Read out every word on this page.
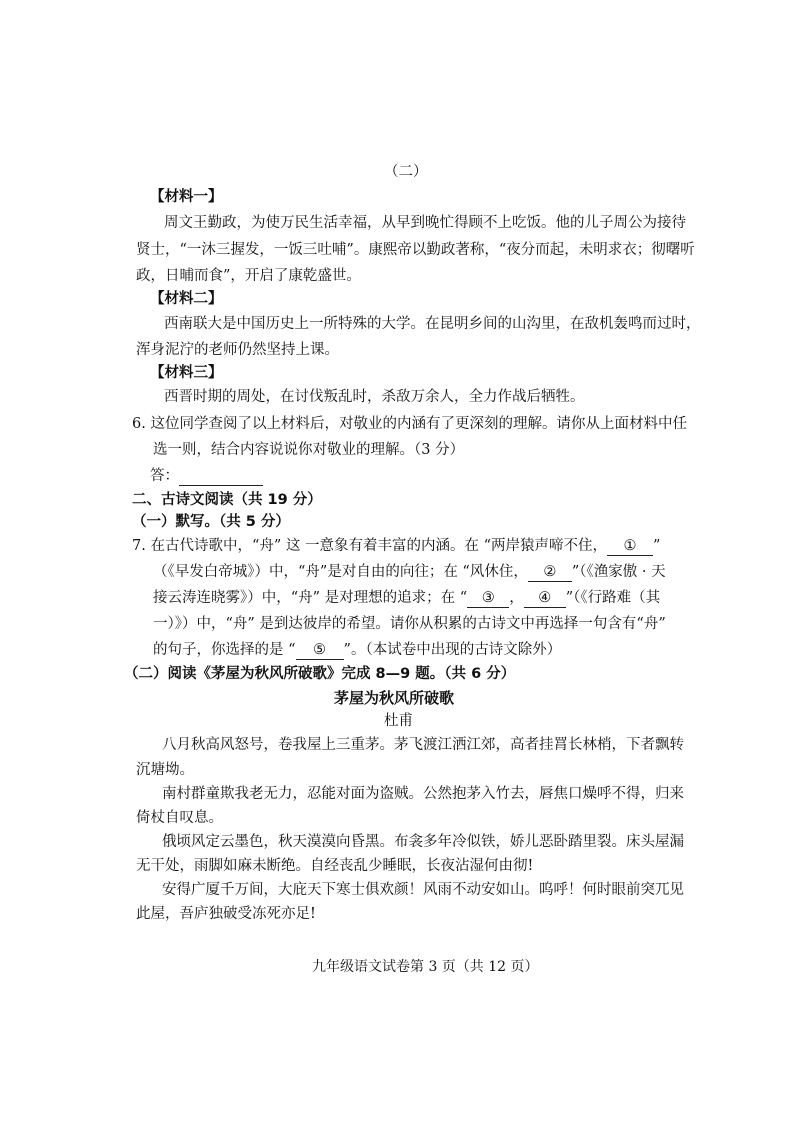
（二）
【材料一】
周文王勤政，为使万民生活幸福，从早到晚忙得顾不上吃饭。他的儿子周公为接待
贤士，“一沐三握发，一饭三吐哺”。康熙帝以勤政著称，“夜分而起，未明求衣；彻曙听
政，日晡而食”，开启了康乾盛世。
【材料二】
西南联大是中国历史上一所特殊的大学。在昆明乡间的山沟里，在敌机轰鸣而过时，
浑身泥泞的老师仍然坚持上课。
【材料三】
西晋时期的周处，在讨伐叛乱时，杀敌万余人，全力作战后牺牲。
6. 这位同学查阅了以上材料后，对敬业的内涵有了更深刻的理解。请你从上面材料中任
选一则，结合内容说说你对敬业的理解。（3 分）
答：
二、古诗文阅读（共 19 分）
（一）默写。（共 5 分）
7. 在古代诗歌中，“舟” 这 一意象有着丰富的内涵。在 “两岸猿声啼不住， ① ”
（《早发白帝城》）中，“舟”是对自由的向往；在 “风休住， ② ”（《渔家傲 · 天
接云涛连晓雾》）中，“舟” 是对理想的追求；在 “ ③ ， ④ ”（《行路难（其
一）》）中，“舟” 是到达彼岸的希望。请你从积累的古诗文中再选择一句含有“舟”
的句子，你选择的是 “ ⑤ ”。（本试卷中出现的古诗文除外）
（二）阅读《茅屋为秋风所破歌》完成 8—9 题。（共 6 分）
茅屋为秋风所破歌
杜甫
八月秋高风怒号，卷我屋上三重茅。茅飞渡江洒江郊，高者挂罥长林梢，下者飘转
沉塘坳。
南村群童欺我老无力，忍能对面为盗贼。公然抱茅入竹去，唇焦口燥呼不得，归来
倚杖自叹息。
俄顷风定云墨色，秋天漠漠向昏黑。布衾多年冷似铁，娇儿恶卧踏里裂。床头屋漏
无干处，雨脚如麻未断绝。自经丧乱少睡眠，长夜沾湿何由彻!
安得广厦千万间，大庇天下寒士俱欢颜！风雨不动安如山。呜呼！何时眼前突兀见
此屋，吾庐独破受冻死亦足!
九年级语文试卷第 3 页（共 12 页）
